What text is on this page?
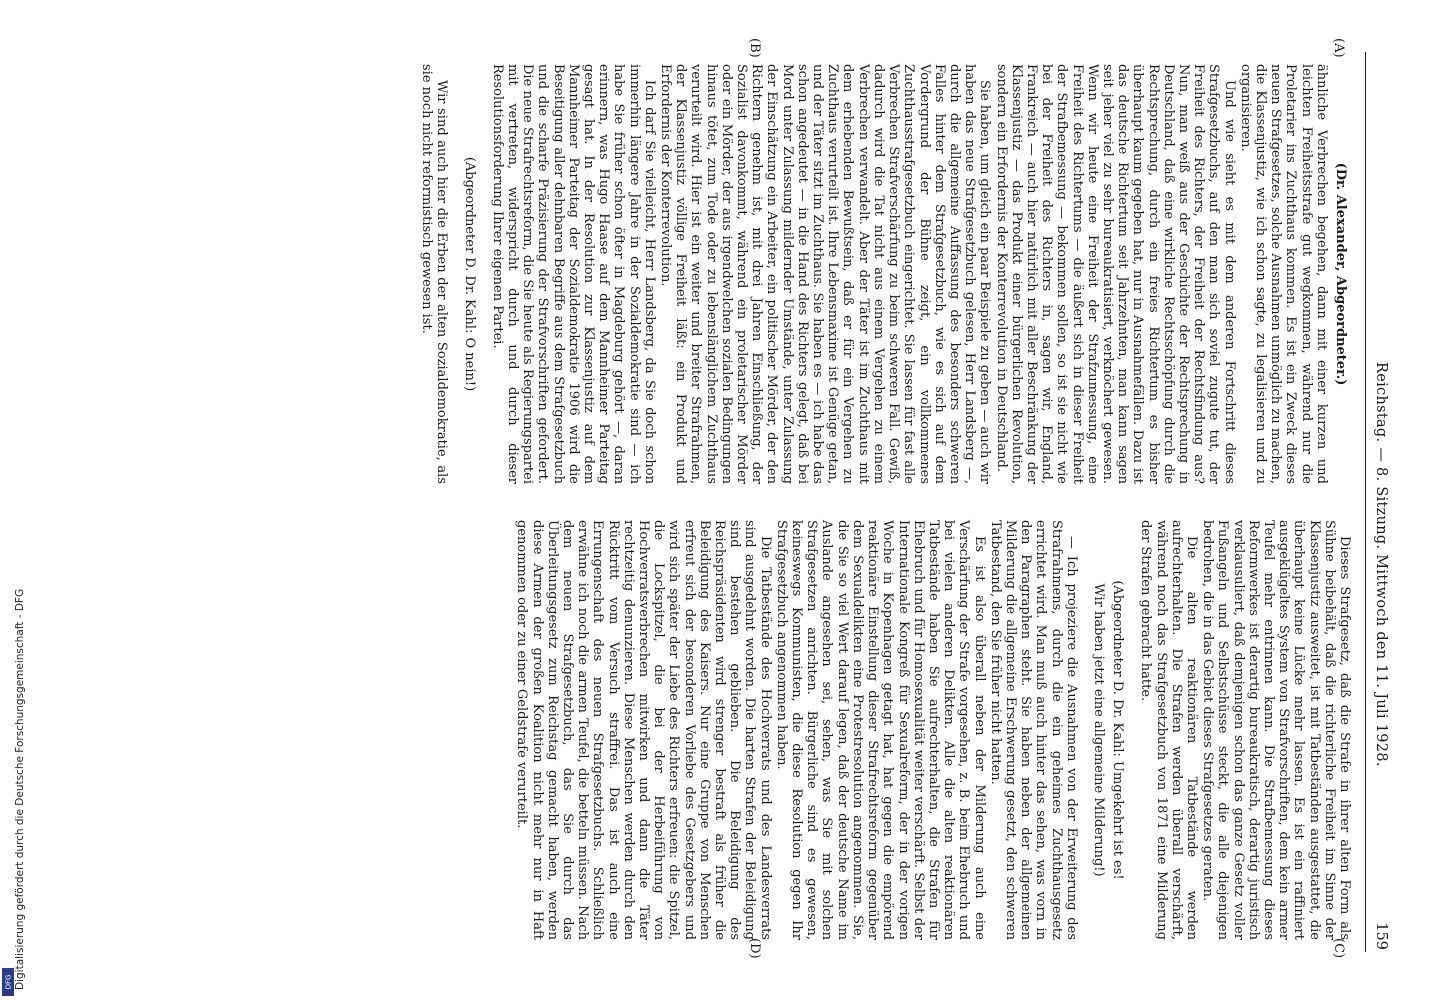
Digitalisierung gefördert durch die Deutsche Forschungsgemeinschaft - DFG
DFG
Reichstag. — 8. Sitzung. Mittwoch den 11. Juli 1928.
159
(A)
(B)
(C)
(D)

(Dr. Alexander, Abgeordneter.)

ähnliche Verbrechen begehen, dann mit einer kurzen und leichten Freiheitsstrafe gut wegkommen, während nur die Proletarier ins Zuchthaus kommen. Es ist ein Zweck dieses neuen Strafgesetzes, solche Ausnahmen unmöglich zu machen, die Klassenjustiz, wie ich schon sagte, zu legalisieren und zu organisieren.

Und wie sieht es mit dem anderen Fortschritt dieses Strafgesetzbuchs, auf den man sich soviel zugute tut, der Freiheit des Richters, der Freiheit der Rechtsfindung aus? Nun, man weiß aus der Geschichte der Rechtsprechung in Deutschland, daß eine wirkliche Rechtsschöpfung durch die Rechtsprechung, durch ein freies Richtertum es bisher überhaupt kaum gegeben hat, nur in Ausnahmefällen. Dazu ist das deutsche Richtertum seit Jahrzehnten, man kann sagen seit jeher viel zu sehr bureaukratisiert, verknöchert gewesen. Wenn wir heute eine Freiheit der Strafzumessung, eine Freiheit des Richtertums — die äußert sich in dieser Freiheit der Strafbemessung — bekommen sollen, so ist sie nicht wie bei der Freiheit des Richters in, sagen wir, England, Frankreich — auch hier natürlich mit aller Beschränkung der Klassenjustiz — das Produkt einer bürgerlichen Revolution, sondern ein Erfordernis der Konterrevolution in Deutschland.

Sie haben, um gleich ein paar Beispiele zu geben — auch wir haben das neue Strafgesetzbuch gelesen, Herr Landsberg —, durch die allgemeine Auffassung des besonders schweren Falles hinter dem Strafgesetzbuch, wie es sich auf dem Vordergrund der Bühne zeigt, ein vollkommenes Zuchthausstrafgesetzbuch eingerichtet. Sie lassen für fast alle Verbrechen Strafverschärfung zu beim schweren Fall. Gewiß, dadurch wird die Tat nicht aus einem Vergehen zu einem Verbrechen verwandelt. Aber der Täter ist im Zuchthaus mit dem erhebenden Bewußtsein, daß er für ein Vergehen zu Zuchthaus verurteilt ist. Ihre Lebensmaxime ist Genüge getan, und der Täter sitzt im Zuchthaus. Sie haben es — ich habe das schon angedeutet — in die Hand des Richters gelegt, daß bei Mord unter Zulassung mildernder Umstände, unter Zulassung der Einschätzung ein Arbeiter, ein politischer Mörder, der den Richtern genehm ist, mit drei Jahren Einschließung, der Sozialist davonkommt, während ein proletarischer Mörder oder ein Mörder, der aus irgendwelchen sozialen Bedingungen hinaus tötet, zum Tode oder zu lebenslänglichem Zuchthaus verurteilt wird. Hier ist ein weiter und breiter Strafrahmen, der Klassenjustiz völlige Freiheit läßt: ein Produkt und Erfordernis der Konterrevolution.

Ich darf Sie vielleicht, Herr Landsberg, da Sie doch schon immerhin längere Jahre in der Sozialdemokratie sind — ich habe Sie früher schon öfter in Magdeburg gehört —, daran erinnern, was Hugo Haase auf dem Mannheimer Parteitag gesagt hat. In der Resolution zur Klassenjustiz auf dem Mannheimer Parteitag der Sozialdemokratie 1906 wird die Beseitigung aller dehnbaren Begriffe aus dem Strafgesetzbuch und die scharfe Präzisierung der Strafvorschriften gefordert. Die neue Strafrechtsreform, die Sie heute als Regierungspartei mit vertreten, widerspricht durch und durch dieser Resolutionsforderung Ihrer eigenen Partei.

(Abgeordneter D. Dr. Kahl: O nein!)

Wir sind auch hier die Erben der alten Sozialdemokratie, als sie noch nicht reformistisch gewesen ist.

Dieses Strafgesetz, daß die Strafe in ihrer alten Form als Sühne beibehält, daß die richterliche Freiheit im Sinne der Klassenjustiz ausweitet, ist mit Tatbeständen ausgestattet, die überhaupt keine Lücke mehr lassen. Es ist ein raffiniert ausgeklügeltes System von Strafvorschriften, dem kein armer Teufel mehr entrinnen kann. Die Strafbemessung dieses Reformwerkes ist derartig bureaukratisch, derartig juristisch verklausuliert, daß demjenigen schon das ganze Gesetz voller Fußangeln und Selbstschüsse steckt, die alle diejenigen bedrohen, die in das Gebiet dieses Strafgesetzes geraten.

Die alten reaktionären Tatbestände werden aufrechterhalten. Die Strafen werden überall verschärft, während noch das Strafgesetzbuch von 1871 eine Milderung der Strafen gebracht hatte.

(Abgeordneter D. Dr. Kahl: Umgekehrt ist es!

Wir haben jetzt eine allgemeine Milderung!)

— Ich projeziere die Ausnahmen von der Erweiterung des Strafrahmens, durch die ein geheimes Zuchthausgesetz errichtet wird. Man muß auch hinter das sehen, was vorn in den Paragraphen steht. Sie haben neben der allgemeinen Milderung die allgemeine Erschwerung gesetzt, den schweren Tatbestand, den Sie früher nicht hatten.

Es ist also überall neben der Milderung auch eine Verschärfung der Strafe vorgesehen, z. B. beim Ehebruch und bei vielen anderen Delikten. Alle die alten reaktionären Tatbestände haben Sie aufrechterhalten, die Strafen für Ehebruch und für Homosexualität weiter verschärft. Selbst der Internationale Kongreß für Sexualreform, der in der vorigen Woche in Kopenhagen getagt hat, hat gegen die empörend reaktionäre Einstellung dieser Strafrechtsreform gegenüber dem Sexualdelikten eine Protestresolution angenommen. Sie, die Sie so viel Wert darauf legen, daß der deutsche Name im Auslande angesehen sei, sehen, was Sie mit solchen Strafgesetzen anrichten. Bürgerliche sind es gewesen, keineswegs Kommunisten, die diese Resolution gegen Ihr Strafgesetzbuch angenommen haben.

Die Tatbestände des Hochverrats und des Landesverrats sind ausgedehnt worden. Die harten Strafen der Beleidigung sind bestehen geblieben. Die Beleidigung des Reichspräsidenten wird strenger bestraft als früher die Beleidigung des Kaisers. Nur eine Gruppe von Menschen erfreut sich der besonderen Vorliebe des Gesetzgebers und wird sich später der Liebe des Richters erfreuen: die Spitzel, die Lockspitzel, die bei der Herbeiführung von Hochverratsverbrechen mitwirken und dann die Täter rechtzeitig denunzieren. Diese Menschen werden durch den Rücktritt vom Versuch straffrei. Das ist auch eine Errungenschaft des neuen Strafgesetzbuchs. Schließlich erwähne ich noch die armen Teufel, die betteln müssen. Nach dem neuen Strafgesetzbuch, das Sie durch das Überleitungsgesetz zum Reichstag gemacht haben, werden diese Armen der großen Koalition nicht mehr nur in Haft genommen oder zu einer Geldstrafe verurteilt.
